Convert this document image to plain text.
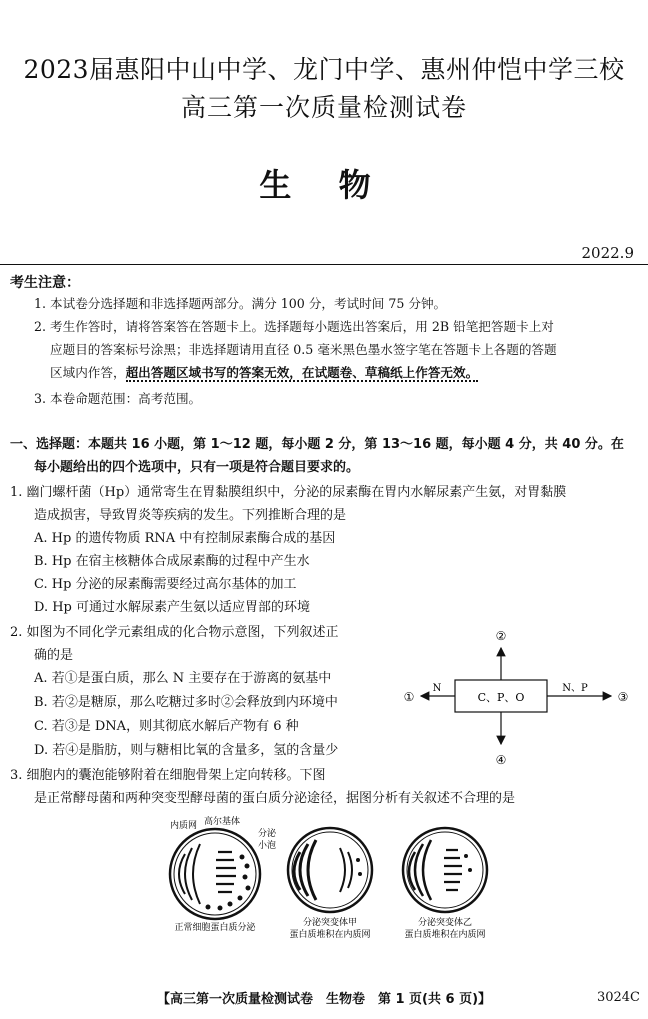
2023届惠阳中山中学、龙门中学、惠州仲恺中学三校
高三第一次质量检测试卷
生 物
2022.9
考生注意：
1. 本试卷分选择题和非选择题两部分。满分 100 分，考试时间 75 分钟。
2. 考生作答时，请将答案答在答题卡上。选择题每小题选出答案后，用 2B 铅笔把答题卡上对
应题目的答案标号涂黑；非选择题请用直径 0.5 毫米黑色墨水签字笔在答题卡上各题的答题
区域内作答，超出答题区域书写的答案无效，在试题卷、草稿纸上作答无效。
3. 本卷命题范围：高考范围。
一、选择题：本题共 16 小题，第 1～12 题，每小题 2 分，第 13～16 题，每小题 4 分，共 40 分。在
每小题给出的四个选项中，只有一项是符合题目要求的。
1. 幽门螺杆菌（Hp）通常寄生在胃黏膜组织中，分泌的尿素酶在胃内水解尿素产生氨，对胃黏膜
造成损害，导致胃炎等疾病的发生。下列推断合理的是
A. Hp 的遗传物质 RNA 中有控制尿素酶合成的基因
B. Hp 在宿主核糖体合成尿素酶的过程中产生水
C. Hp 分泌的尿素酶需要经过高尔基体的加工
D. Hp 可通过水解尿素产生氨以适应胃部的环境
2. 如图为不同化学元素组成的化合物示意图，下列叙述正
确的是
A. 若①是蛋白质，那么 N 主要存在于游离的氨基中
B. 若②是糖原，那么吃糖过多时②会释放到内环境中
C. 若③是 DNA，则其彻底水解后产物有 6 种
D. 若④是脂肪，则与糖相比氧的含量多，氢的含量少
C、P、O
②
④
①	③
N	N、P
3. 细胞内的囊泡能够附着在细胞骨架上定向转移。下图
是正常酵母菌和两种突变型酵母菌的蛋白质分泌途径，据图分析有关叙述不合理的是
内质网 高尔基体
分泌
小泡
正常细胞蛋白质分泌	分泌突变体甲
蛋白质堆积在内质网
分泌突变体乙
蛋白质堆积在内质网
【高三第一次质量检测试卷　生物卷　第 1 页(共 6 页)】	3024C
